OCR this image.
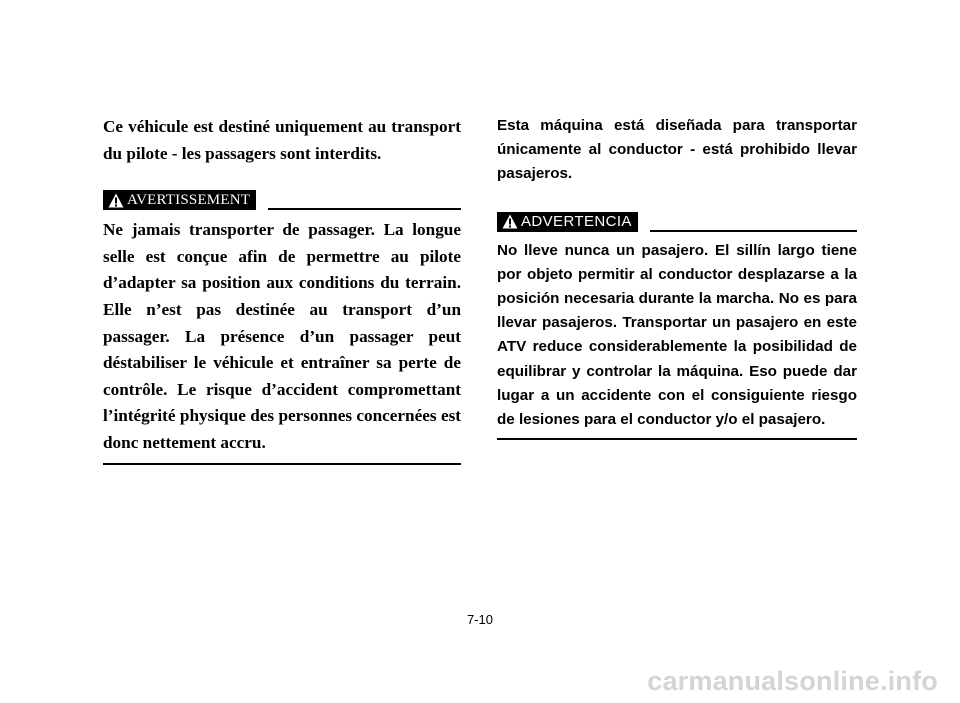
Ce véhicule est destiné uniquement au transport du pilote - les passagers sont interdits.

AVERTISSEMENT

Ne jamais transporter de passager. La longue selle est conçue afin de permettre au pilote d’adapter sa position aux conditions du terrain. Elle n’est pas destinée au transport d’un passager. La présence d’un passager peut déstabiliser le véhicule et entraîner sa perte de contrôle. Le risque d’accident compromettant l’intégrité physique des personnes concernées est donc nettement accru.

Esta máquina está diseñada para transportar únicamente al conductor - está prohibido llevar pasajeros.

ADVERTENCIA

No lleve nunca un pasajero. El sillín largo tiene por objeto permitir al conductor desplazarse a la posición necesaria durante la marcha. No es para llevar pasajeros. Transportar un pasajero en este ATV reduce considerablemente la posibilidad de equilibrar y controlar la máquina. Eso puede dar lugar a un accidente con el consiguiente riesgo de lesiones para el conductor y/o el pasajero.

7-10
carmanualsonline.info
